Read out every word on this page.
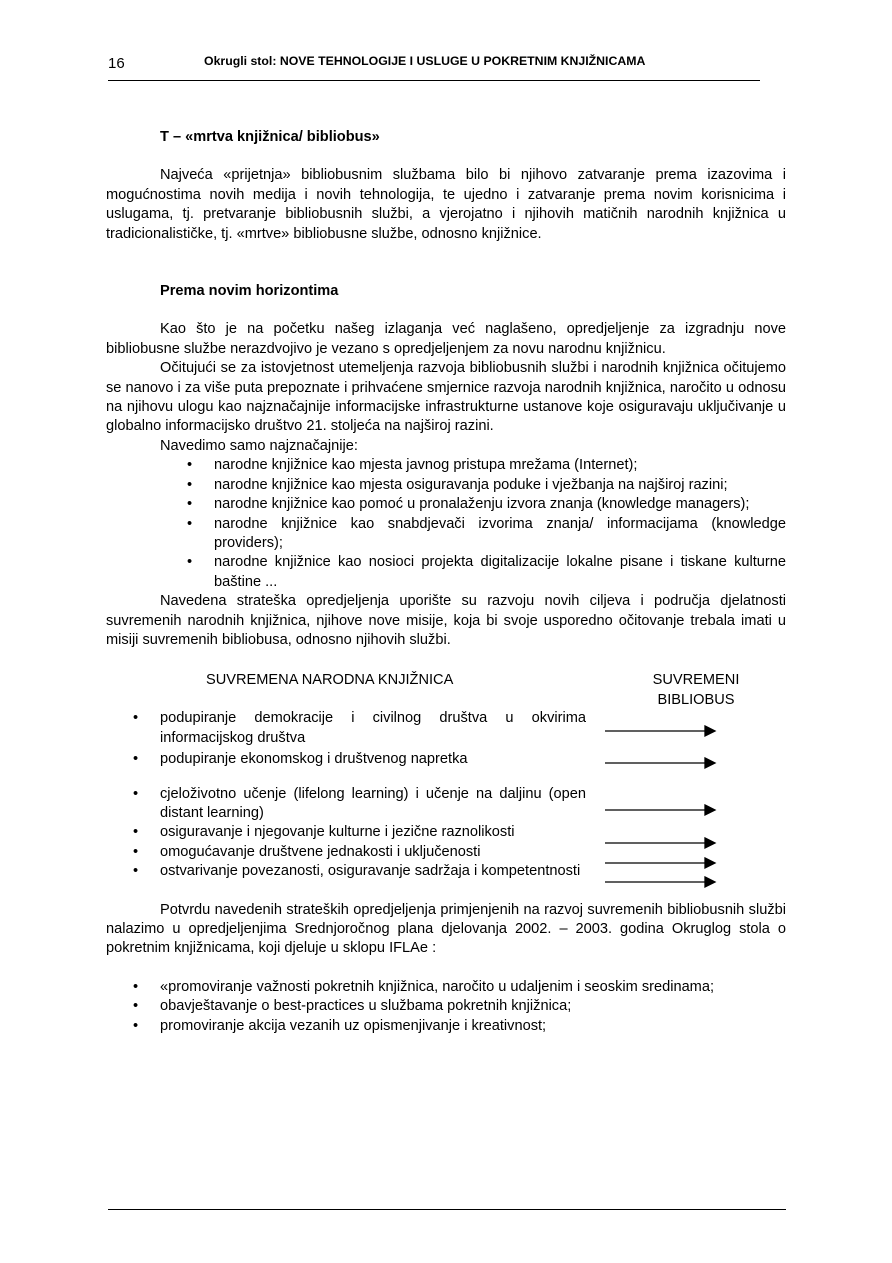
16	Okrugli stol: NOVE TEHNOLOGIJE I USLUGE U POKRETNIM KNJIŽNICAMA
T – «mrtva knjižnica/ bibliobus»

Najveća «prijetnja» bibliobusnim službama bilo bi njihovo zatvaranje prema izazovima i mogućnostima novih medija i novih tehnologija, te ujedno i zatvaranje prema novim korisnicima i uslugama, tj. pretvaranje bibliobusnih službi, a vjerojatno i njihovih matičnih narodnih knjižnica u tradicionalističke, tj. «mrtve» bibliobusne službe, odnosno knjižnice.

Prema novim horizontima

Kao što je na početku našeg izlaganja već naglašeno, opredjeljenje za izgradnju nove bibliobusne službe nerazdvojivo je vezano s opredjeljenjem za novu narodnu knjižnicu.

Očitujući se za istovjetnost utemeljenja razvoja bibliobusnih službi i narodnih knjižnica očitujemo se nanovo i za više puta prepoznate i prihvaćene smjernice razvoja narodnih knjižnica, naročito u odnosu na njihovu ulogu kao najznačajnije informacijske infrastrukturne ustanove koje osiguravaju uključivanje u globalno informacijsko društvo 21. stoljeća na najširoj razini.

Navedimo samo najznačajnije:

• narodne knjižnice kao mjesta javnog pristupa mrežama (Internet);
• narodne knjižnice kao mjesta osiguravanja poduke i vježbanja na najširoj razini;
• narodne knjižnice kao pomoć u pronalaženju izvora znanja (knowledge managers);
• narodne knjižnice kao snabdjevači izvorima znanja/ informacijama (knowledge providers);
• narodne knjižnice kao nosioci projekta digitalizacije lokalne pisane i tiskane kulturne baštine ...

Navedena strateška opredjeljenja uporište su razvoju novih ciljeva i područja djelatnosti suvremenih narodnih knjižnica, njihove nove misije, koja bi svoje usporedno očitovanje trebala imati u misiji suvremenih bibliobusa, odnosno njihovih službi.

SUVREMENA NARODNA KNJIŽNICA	SUVREMENI BIBLIOBUS
• podupiranje demokracije i civilnog društva u okvirima informacijskog društva
• podupiranje ekonomskog i društvenog napretka
• cjeloživotno učenje (lifelong learning) i učenje na daljinu (open distant learning)
• osiguravanje i njegovanje kulturne i jezične raznolikosti
• omogućavanje društvene jednakosti i uključenosti
• ostvarivanje povezanosti, osiguravanje sadržaja i kompetentnosti

Potvrdu navedenih strateških opredjeljenja primjenjenih na razvoj suvremenih bibliobusnih službi nalazimo u opredjeljenjima Srednjoročnog plana djelovanja 2002. – 2003. godina Okruglog stola o pokretnim knjižnicama, koji djeluje u sklopu IFLAe :

• «promoviranje važnosti pokretnih knjižnica, naročito u udaljenim i seoskim sredinama;
• obavještavanje o best-practices u službama pokretnih knjižnica;
• promoviranje akcija vezanih uz opismenjivanje i kreativnost;
